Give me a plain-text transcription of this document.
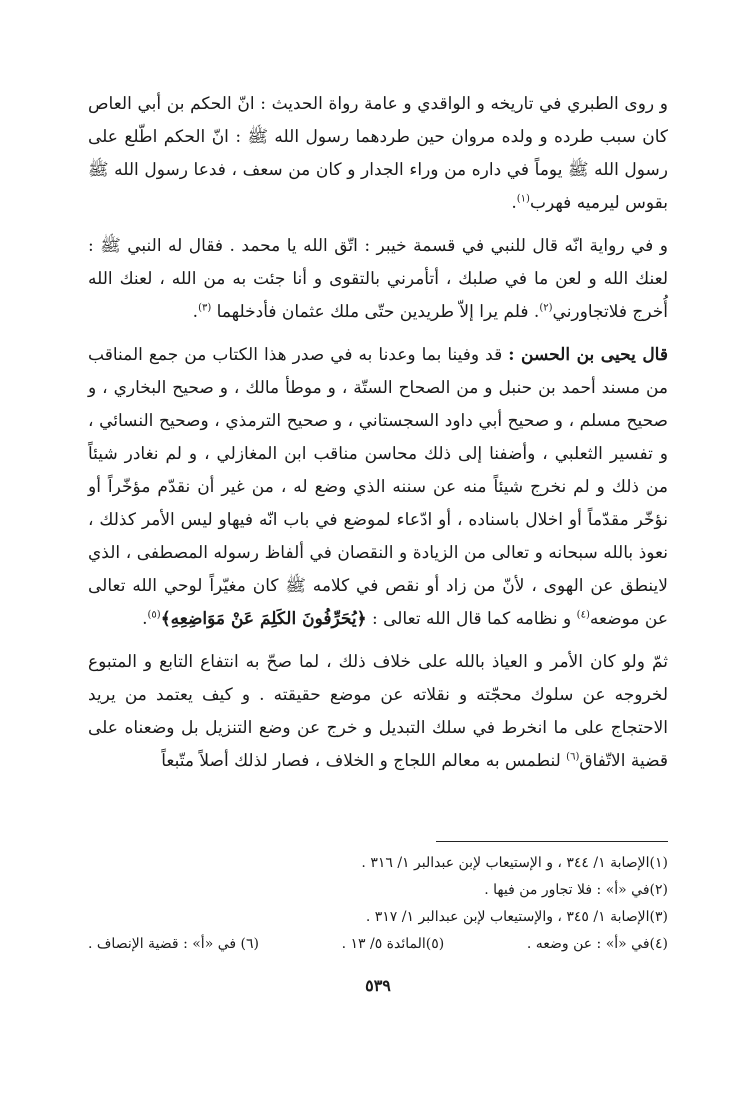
و روى الطبري في تاريخه و الواقدي و عامة رواة الحديث : انّ الحكم بن أبي العاص كان سبب طرده و ولده مروان حين طردهما رسول الله ﷺ : انّ الحكم اطّلع على رسول الله ﷺ يوماً في داره من وراء الجدار و كان من سعف ، فدعا رسول الله ﷺ بقوس ليرميه فهرب$^{(١)}$.

و في رواية انّه قال للنبي في قسمة خيبر : اتّق الله يا محمد . فقال له النبي ﷺ : لعنك الله و لعن ما في صلبك ، أتأمرني بالتقوى و أنا جئت به من الله ، لعنك الله أُخرج فلاتجاورني$^{(٢)}$. فلم يرا إلاّ طريدين حتّى ملك عثمان فأدخلهما $^{(٣)}$.

قال يحيى بن الحسن : قد وفينا بما وعدنا به في صدر هذا الكتاب من جمع المناقب من مسند أحمد بن حنبل و من الصحاح الستّة ، و موطأ مالك ، و صحيح البخاري ، و صحيح مسلم ، و صحيح أبي داود السجستاني ، و صحيح الترمذي ، وصحيح النسائي ، و تفسير الثعلبي ، وأضفنا إلى ذلك محاسن مناقب ابن المغازلي ، و لم نغادر شيئاً من ذلك و لم نخرج شيئاً منه عن سننه الذي وضع له ، من غير أن نقدّم مؤخّراً أو نؤخّر مقدّماً أو اخلال باسناده ، أو ادّعاء لموضع في باب انّه فيهاو ليس الأمر كذلك ، نعوذ بالله سبحانه و تعالى من الزيادة و النقصان في ألفاظ رسوله المصطفى ، الذي لاينطق عن الهوى ، لأنّ من زاد أو نقص في كلامه ﷺ كان مغيّراً لوحي الله تعالى عن موضعه$^{(٤)}$ و نظامه كما قال الله تعالى : ﴿يُحَرِّفُونَ الكَلِمَ عَنْ مَوَاضِعِهِ﴾$^{(٥)}$.

ثمّ ولو كان الأمر و العياذ بالله على خلاف ذلك ، لما صحّ به انتفاع التابع و المتبوع لخروجه عن سلوك محجّته و نقلاته عن موضع حقيقته . و كيف يعتمد من يريد الاحتجاج على ما انخرط في سلك التبديل و خرج عن وضع التنزيل بل وضعناه على قضية الاتّفاق$^{(٦)}$ لنطمس به معالم اللجاج و الخلاف ، فصار لذلك أصلاً متّبعاً

(١)الإصابة ١/ ٣٤٤ ، و الإستيعاب لإبن عبدالبر ١/ ٣١٦ .
(٢)في «أ» : فلا تجاور من فيها .
(٣)الإصابة ١/ ٣٤٥ ، والإستيعاب لإبن عبدالبر ١/ ٣١٧ .
(٤)في «أ» : عن وضعه .
(٥)المائدة ٥/ ١٣ .
(٦) في «أ» : قضية الإنصاف .
٥٣٩
